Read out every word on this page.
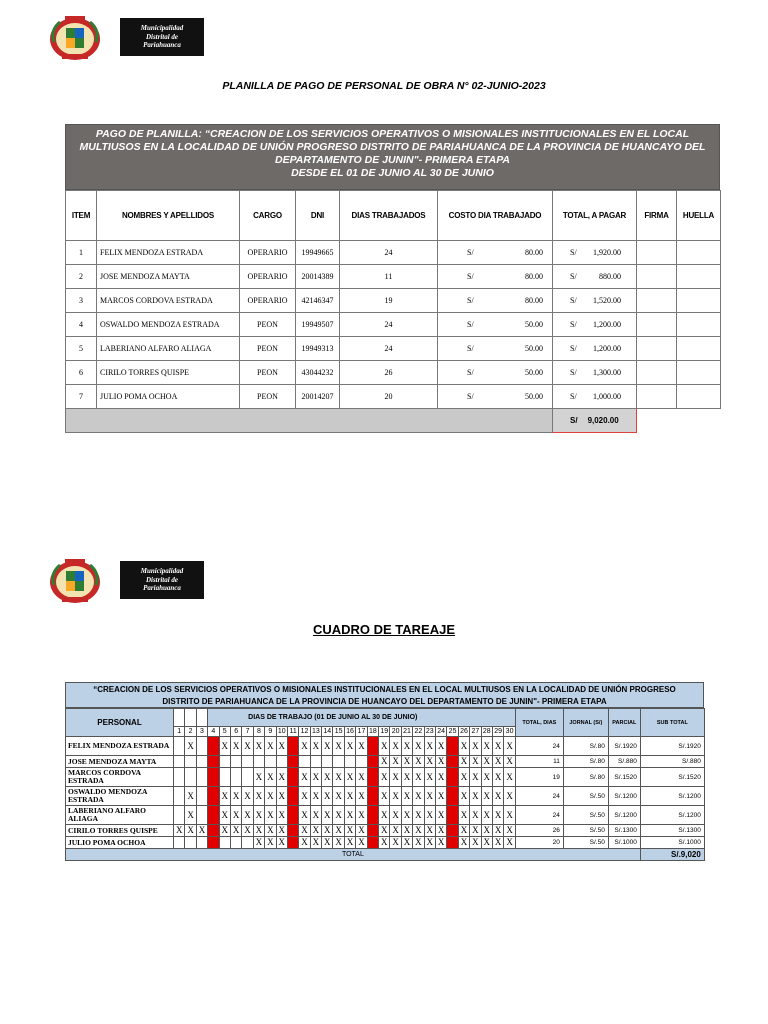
Municipalidad
Distrital de
Pariahuanca
PLANILLA DE PAGO DE PERSONAL DE OBRA N° 02-JUNIO-2023
PAGO DE PLANILLA: “CREACION DE LOS SERVICIOS OPERATIVOS O MISIONALES INSTITUCIONALES EN EL LOCAL
MULTIUSOS EN LA LOCALIDAD DE UNIÓN PROGRESO DISTRITO DE PARIAHUANCA DE LA PROVINCIA DE HUANCAYO DEL
DEPARTAMENTO DE JUNIN"- PRIMERA ETAPA
DESDE EL 01 DE JUNIO AL 30 DE JUNIO
ITEM	NOMBRES Y APELLIDOS	CARGO	DNI	DIAS TRABAJADOS	COSTO DIA TRABAJADO	TOTAL, A PAGAR	FIRMA	HUELLA
1	FELIX MENDOZA ESTRADA	OPERARIO	19949665	24	S/ 80.00	S/ 1,920.00		

2	JOSE MENDOZA MAYTA	OPERARIO	20014389	11	S/ 80.00	S/ 880.00		

3	MARCOS CORDOVA ESTRADA	OPERARIO	42146347	19	S/ 80.00	S/ 1,520.00		

4	OSWALDO MENDOZA ESTRADA	PEON	19949507	24	S/ 50.00	S/ 1,200.00		

5	LABERIANO ALFARO ALIAGA	PEON	19949313	24	S/ 50.00	S/ 1,200.00		

6	CIRILO TORRES QUISPE	PEON	43044232	26	S/ 50.00	S/ 1,300.00		

7	JULIO POMA OCHOA	PEON	20014207	20	S/ 50.00	S/ 1,000.00		

						S/ 9,020.00		

Municipalidad
Distrital de
Pariahuanca
CUADRO DE TAREAJE
“CREACION DE LOS SERVICIOS OPERATIVOS O MISIONALES INSTITUCIONALES EN EL LOCAL MULTIUSOS EN LA LOCALIDAD DE UNIÓN PROGRESO
DISTRITO DE PARIAHUANCA DE LA PROVINCIA DE HUANCAYO DEL DEPARTAMENTO DE JUNIN"- PRIMERA ETAPA
PERSONAL				DIAS DE TRABAJO (01 DE JUNIO AL 30 DE JUNIO)																											TOTAL, DIAS	JORNAL (S/)	PARCIAL	SUB TOTAL
	1	2	3	4	5	6	7	8	9	10	11	12	13	14	15	16	17	18	19	20	21	22	23	24	25	26	27	28	29	30				
FELIX MENDOZA ESTRADA		X			X	X	X	X	X	X		X	X	X	X	X	X		X	X	X	X	X	X		X	X	X	X	X	24	S/.80	S/.1920	S/.1920
JOSE MENDOZA MAYTA																			X	X	X	X	X	X		X	X	X	X	X	11	S/.80	S/.880	S/.880
MARCOS CORDOVA ESTRADA								X	X	X		X	X	X	X	X	X		X	X	X	X	X	X		X	X	X	X	X	19	S/.80	S/.1520	S/.1520
OSWALDO MENDOZA ESTRADA		X			X	X	X	X	X	X		X	X	X	X	X	X		X	X	X	X	X	X		X	X	X	X	X	24	S/.50	S/.1200	S/.1200
LABERIANO ALFARO ALIAGA		X			X	X	X	X	X	X		X	X	X	X	X	X		X	X	X	X	X	X		X	X	X	X	X	24	S/.50	S/.1200	S/.1200
CIRILO TORRES QUISPE	X	X	X		X	X	X	X	X	X		X	X	X	X	X	X		X	X	X	X	X	X		X	X	X	X	X	26	S/.50	S/.1300	S/.1300
JULIO POMA OCHOA								X	X	X		X	X	X	X	X	X		X	X	X	X	X	X		X	X	X	X	X	20	S/.50	S/.1000	S/.1000
TOTAL																																		S/.9,020
